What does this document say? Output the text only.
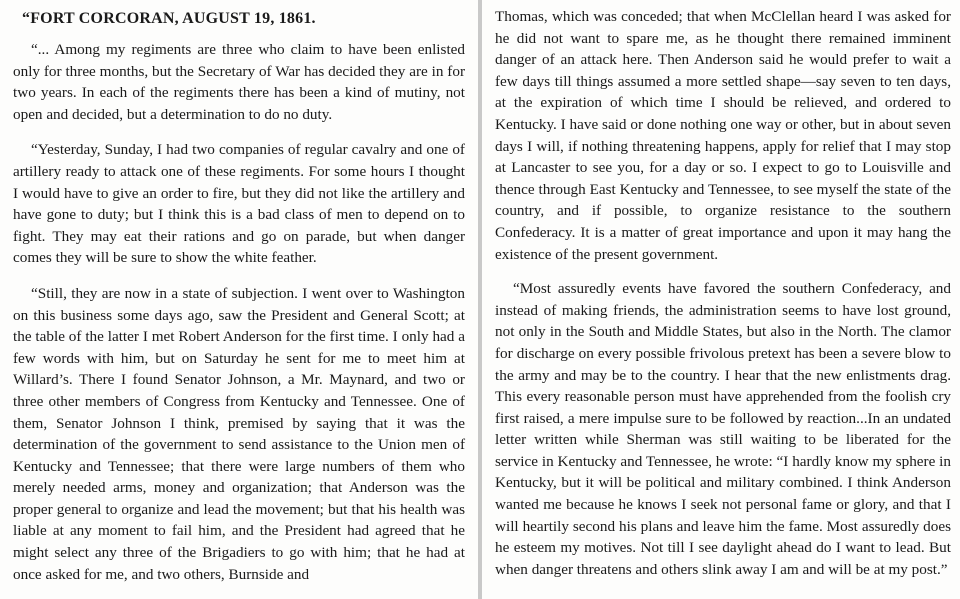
“FORT CORCORAN, AUGUST 19, 1861.

“... Among my regiments are three who claim to have been enlisted only for three months, but the Secretary of War has decided they are in for two years. In each of the regiments there has been a kind of mutiny, not open and decided, but a determination to do no duty.

“Yesterday, Sunday, I had two companies of regular cavalry and one of artillery ready to attack one of these regiments. For some hours I thought I would have to give an order to fire, but they did not like the artillery and have gone to duty; but I think this is a bad class of men to depend on to fight. They may eat their rations and go on parade, but when danger comes they will be sure to show the white feather.

“Still, they are now in a state of subjection. I went over to Washington on this business some days ago, saw the President and General Scott; at the table of the latter I met Robert Anderson for the first time. I only had a few words with him, but on Saturday he sent for me to meet him at Willard’s. There I found Senator Johnson, a Mr. Maynard, and two or three other members of Congress from Kentucky and Tennessee. One of them, Senator Johnson I think, premised by saying that it was the determination of the government to send assistance to the Union men of Kentucky and Tennessee; that there were large numbers of them who merely needed arms, money and organization; that Anderson was the proper general to organize and lead the movement; but that his health was liable at any moment to fail him, and the President had agreed that he might select any three of the Brigadiers to go with him; that he had at once asked for me, and two others, Burnside and

Thomas, which was conceded; that when McClellan heard I was asked for he did not want to spare me, as he thought there remained imminent danger of an attack here. Then Anderson said he would prefer to wait a few days till things assumed a more settled shape—say seven to ten days, at the expiration of which time I should be relieved, and ordered to Kentucky. I have said or done nothing one way or other, but in about seven days I will, if nothing threatening happens, apply for relief that I may stop at Lancaster to see you, for a day or so. I expect to go to Louisville and thence through East Kentucky and Tennessee, to see myself the state of the country, and if possible, to organize resistance to the southern Confederacy. It is a matter of great importance and upon it may hang the existence of the present government.

“Most assuredly events have favored the southern Confederacy, and instead of making friends, the administration seems to have lost ground, not only in the South and Middle States, but also in the North. The clamor for discharge on every possible frivolous pretext has been a severe blow to the army and may be to the country. I hear that the new enlistments drag. This every reasonable person must have apprehended from the foolish cry first raised, a mere impulse sure to be followed by reaction...In an undated letter written while Sherman was still waiting to be liberated for the service in Kentucky and Tennessee, he wrote: “I hardly know my sphere in Kentucky, but it will be political and military combined. I think Anderson wanted me because he knows I seek not personal fame or glory, and that I will heartily second his plans and leave him the fame. Most assuredly does he esteem my motives. Not till I see daylight ahead do I want to lead. But when danger threatens and others slink away I am and will be at my post.”
